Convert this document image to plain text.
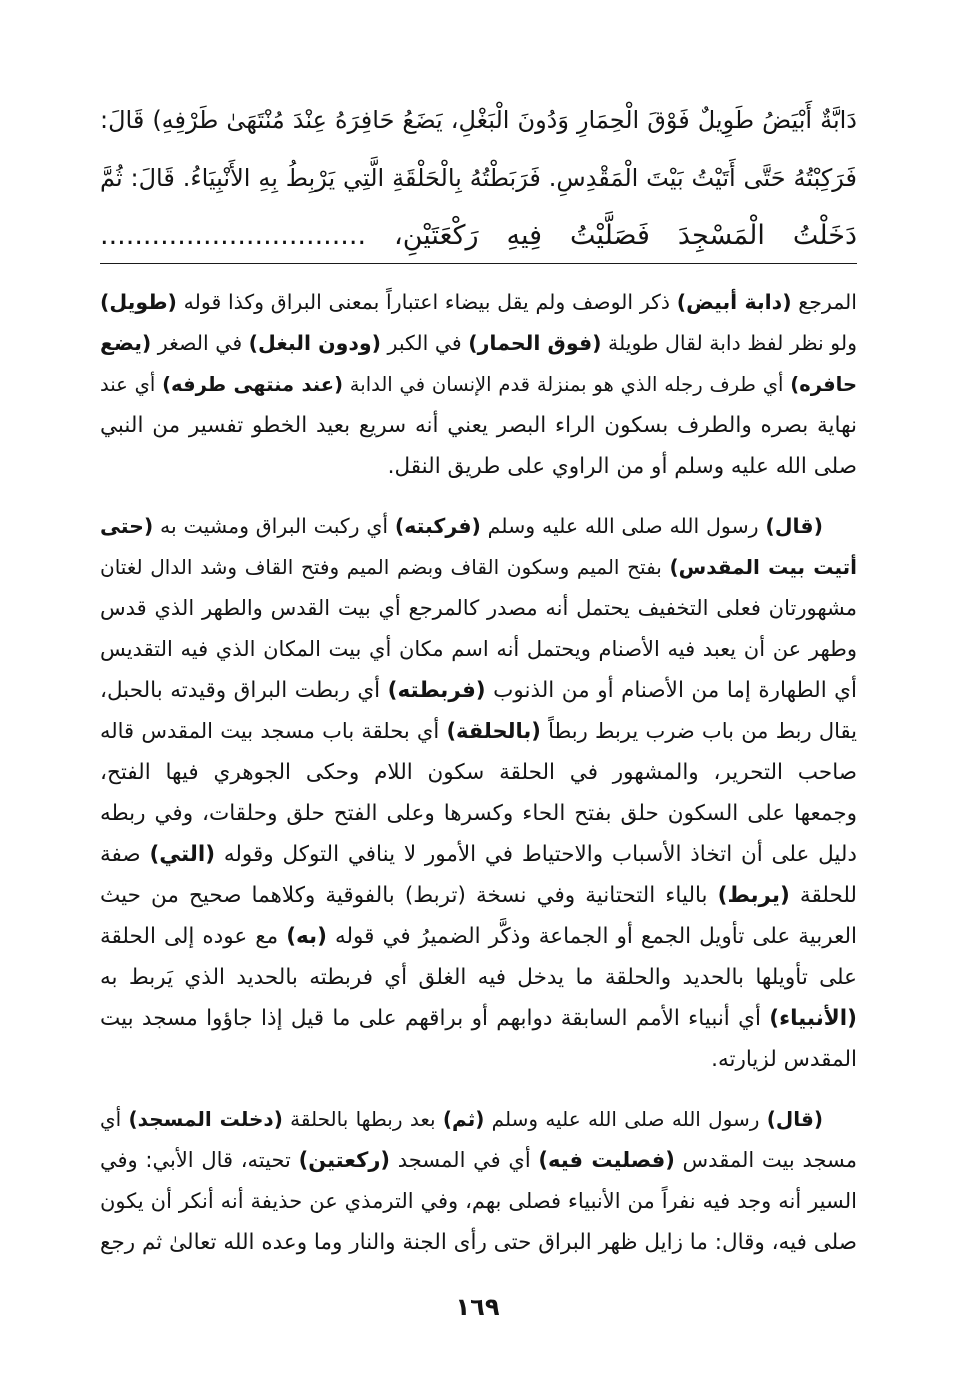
دَابَّةٌ أَبْيَضُ طَوِيلٌ فَوْقَ الْحِمَارِ وَدُونَ الْبَغْلِ، يَضَعُ حَافِرَهُ عِنْدَ مُنْتَهَىٰ طَرْفِهِ) قَالَ:
فَرَكِبْتُهُ حَتَّى أَتَيْتُ بَيْتَ الْمَقْدِسِ. فَرَبَطْتُهُ بِالْحَلْقَةِ الَّتِي يَرْبِطُ بِهِ الأَنْبِيَاءُ. قَالَ: ثُمَّ
دَخَلْتُ الْمَسْجِدَ فَصَلَّيْتُ فِيهِ رَكْعَتَيْنِ، ...............................
المرجع (دابة أبيض) ذكر الوصف ولم يقل بيضاء اعتباراً بمعنى البراق وكذا قوله (طويل)
ولو نظر لفظ دابة لقال طويلة (فوق الحمار) في الكبر (ودون البغل) في الصغر (يضع
حافره) أي طرف رجله الذي هو بمنزلة قدم الإنسان في الدابة (عند منتهى طرفه) أي عند
نهاية بصره والطرف بسكون الراء البصر يعني أنه سريع بعيد الخطو تفسير من النبي
صلى الله عليه وسلم أو من الراوي على طريق النقل.
(قال) رسول الله صلى الله عليه وسلم (فركبته) أي ركبت البراق ومشيت به (حتى
أتيت بيت المقدس) بفتح الميم وسكون القاف وبضم الميم وفتح القاف وشد الدال لغتان
مشهورتان فعلى التخفيف يحتمل أنه مصدر كالمرجع أي بيت القدس والطهر الذي قدس
وطهر عن أن يعبد فيه الأصنام ويحتمل أنه اسم مكان أي بيت المكان الذي فيه التقديس
أي الطهارة إما من الأصنام أو من الذنوب (فربطته) أي ربطت البراق وقيدته بالحبل،
يقال ربط من باب ضرب يربط ربطاً (بالحلقة) أي بحلقة باب مسجد بيت المقدس قاله
صاحب التحرير، والمشهور في الحلقة سكون اللام وحكى الجوهري فيها الفتح،
وجمعها على السكون حلق بفتح الحاء وكسرها وعلى الفتح حلق وحلقات، وفي ربطه
دليل على أن اتخاذ الأسباب والاحتياط في الأمور لا ينافي التوكل وقوله (التي) صفة
للحلقة (يربط) بالياء التحتانية وفي نسخة (تربط) بالفوقية وكلاهما صحيح من حيث
العربية على تأويل الجمع أو الجماعة وذكَّر الضميرُ في قوله (به) مع عوده إلى الحلقة
على تأويلها بالحديد والحلقة ما يدخل فيه الغلق أي فربطته بالحديد الذي يَربط به
(الأنبياء) أي أنبياء الأمم السابقة دوابهم أو براقهم على ما قيل إذا جاؤوا مسجد بيت
المقدس لزيارته.
(قال) رسول الله صلى الله عليه وسلم (ثم) بعد ربطها بالحلقة (دخلت المسجد) أي
مسجد بيت المقدس (فصليت فيه) أي في المسجد (ركعتين) تحيته، قال الأبي: وفي
السير أنه وجد فيه نفراً من الأنبياء فصلى بهم، وفي الترمذي عن حذيفة أنه أنكر أن يكون
صلى فيه، وقال: ما زايل ظهر البراق حتى رأى الجنة والنار وما وعده الله تعالىٰ ثم رجع
١٦٩
